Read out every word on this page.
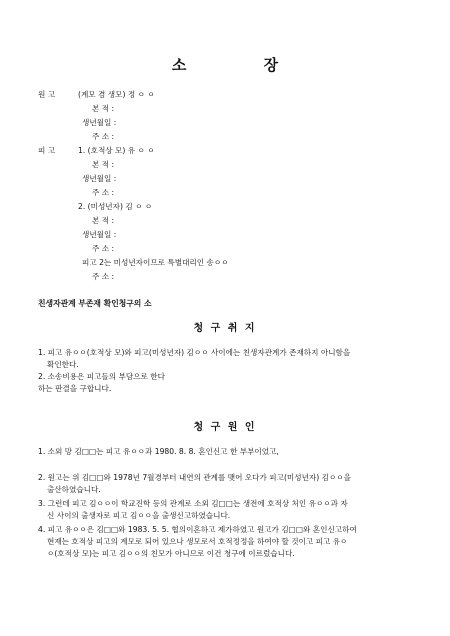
소 장
원 고	(계모 겸 생모) 정 ㅇ ㅇ
본 적 :
생년월일 :
주 소 :
피 고	1. (호적상 모) 유 ㅇ ㅇ
본 적 :
생년월일 :
주 소 :
2. (미성년자) 김 ㅇ ㅇ
본 적 :
생년월일 :
주 소 :
피고 2는 미성년자이므로 특별대리인 송ㅇㅇ
주 소 :
친생자관계 부존재 확인청구의 소
청 구 취 지
1. 피고 유ㅇㅇ(호적상 모)와 피고(미성년자) 김ㅇㅇ 사이에는 친생자관계가 존재하지 아니함을
확인한다.
2. 소송비용은 피고들의 부담으로 한다
하는 판결을 구합니다.
청 구 원 인
1. 소외 망 김□□는 피고 유ㅇㅇ과 1980. 8. 8. 혼인신고 한 부부이었고,
2. 원고는 위 김□□와 1978년 7월경부터 내연의 관계를 맺어 오다가 피고(미성년자) 김ㅇㅇ을
출산하였습니다.
3. 그런데 피고 김ㅇㅇ이 학교진학 등의 관계로 소외 김□□는 생전에 호적상 처인 유ㅇㅇ과 자
신 사이의 출생자로 피고 김ㅇㅇ을 출생신고하였습니다.
4. 피고 유ㅇㅇ은 김□□와 1983. 5. 5. 협의이혼하고 제가하였고 원고가 김□□와 혼인신고하여
현재는 호적상 피고의 계모로 되어 있으나 생모로서 호적정정을 하여야 할 것이고 피고 유ㅇ
ㅇ(호적상 모)는 피고 김ㅇㅇ의 친모가 아니므로 이건 청구에 이르렀습니다.
